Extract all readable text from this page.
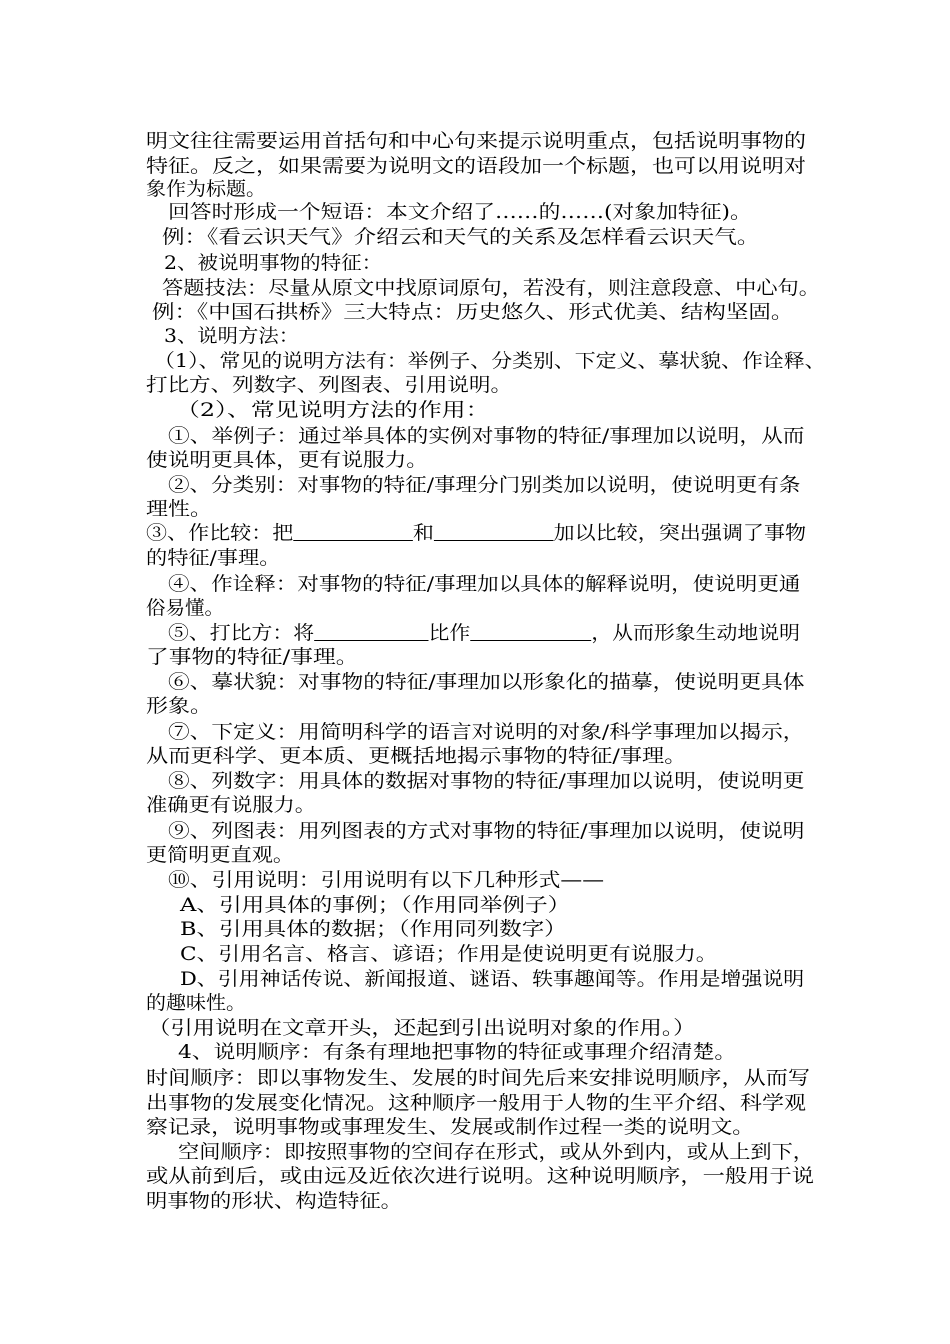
明文往往需要运用首括句和中心句来提示说明重点，包括说明事物的
特征。反之，如果需要为说明文的语段加一个标题，也可以用说明对
象作为标题。
回答时形成一个短语：本文介绍了……的……(对象加特征)。
例：《看云识天气》介绍云和天气的关系及怎样看云识天气。
2、被说明事物的特征：
答题技法：尽量从原文中找原词原句，若没有，则注意段意、中心句。
例：《中国石拱桥》三大特点：历史悠久、形式优美、结构坚固。
3、说明方法：
（1）、常见的说明方法有：举例子、分类别、下定义、摹状貌、作诠释、
打比方、列数字、列图表、引用说明。
（2）、常见说明方法的作用：
①、举例子：通过举具体的实例对事物的特征/事理加以说明，从而
使说明更具体，更有说服力。
②、分类别：对事物的特征/事理分门别类加以说明，使说明更有条
理性。
③、作比较：把	和	加以比较，突出强调了事物
的特征/事理。
④、作诠释：对事物的特征/事理加以具体的解释说明，使说明更通
俗易懂。
⑤、打比方：将	比作	，从而形象生动地说明
了事物的特征/事理。
⑥、摹状貌：对事物的特征/事理加以形象化的描摹，使说明更具体
形象。
⑦、下定义：用简明科学的语言对说明的对象/科学事理加以揭示，
从而更科学、更本质、更概括地揭示事物的特征/事理。
⑧、列数字：用具体的数据对事物的特征/事理加以说明，使说明更
准确更有说服力。
⑨、列图表：用列图表的方式对事物的特征/事理加以说明，使说明
更简明更直观。
⑩、引用说明：引用说明有以下几种形式——
A、引用具体的事例；（作用同举例子）
B、引用具体的数据；（作用同列数字）
C、引用名言、格言、谚语；作用是使说明更有说服力。
D、引用神话传说、新闻报道、谜语、轶事趣闻等。作用是增强说明
的趣味性。
（引用说明在文章开头，还起到引出说明对象的作用。）
4、说明顺序：有条有理地把事物的特征或事理介绍清楚。
时间顺序：即以事物发生、发展的时间先后来安排说明顺序，从而写
出事物的发展变化情况。这种顺序一般用于人物的生平介绍、科学观
察记录，说明事物或事理发生、发展或制作过程一类的说明文。
空间顺序：即按照事物的空间存在形式，或从外到内，或从上到下，
或从前到后，或由远及近依次进行说明。这种说明顺序，一般用于说
明事物的形状、构造特征。
